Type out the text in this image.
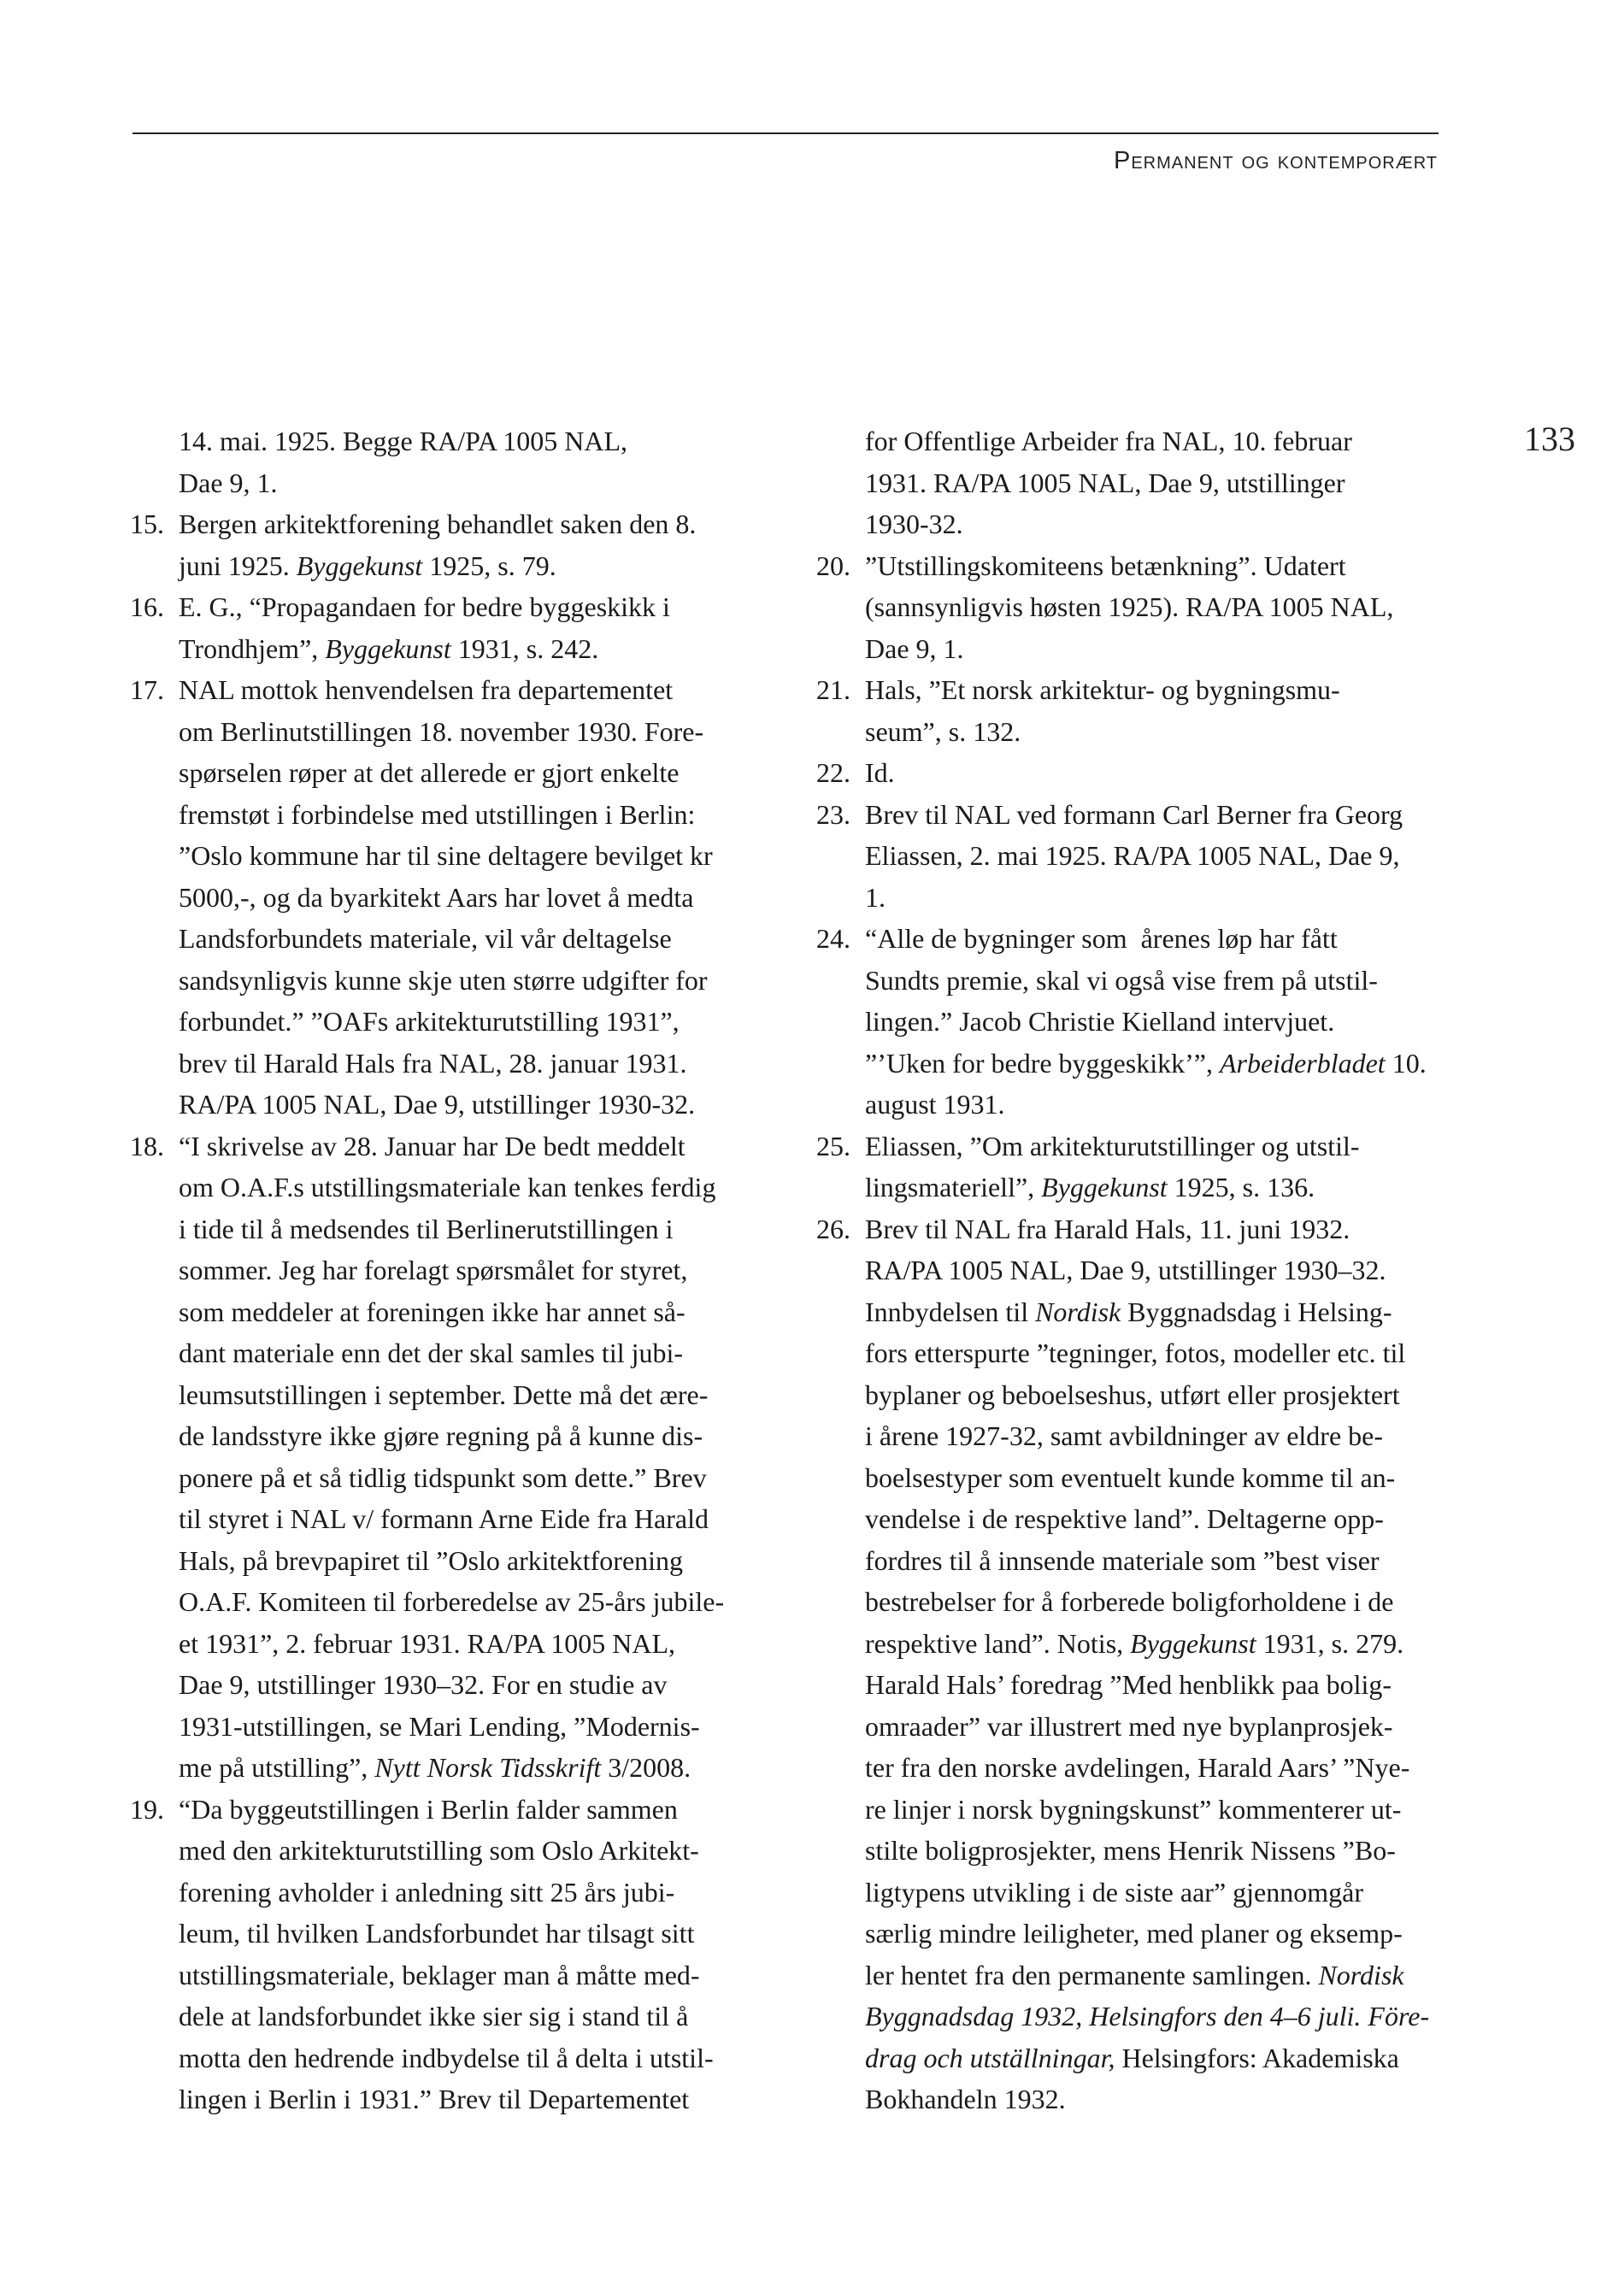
Permanent og kontemporært
133
14. mai. 1925. Begge RA/PA 1005 NAL,
Dae 9, 1.
15. Bergen arkitektforening behandlet saken den 8.
juni 1925. Byggekunst 1925, s. 79.
16. E. G., “Propagandaen for bedre byggeskikk i
Trondhjem”, Byggekunst 1931, s. 242.
17. NAL mottok henvendelsen fra departementet
om Berlinutstillingen 18. november 1930. Fore-
spørselen røper at det allerede er gjort enkelte
fremstøt i forbindelse med utstillingen i Berlin:
”Oslo kommune har til sine deltagere bevilget kr
5000,-, og da byarkitekt Aars har lovet å medta
Landsforbundets materiale, vil vår deltagelse
sandsynligvis kunne skje uten større udgifter for
forbundet.” ”OAFs arkitekturutstilling 1931”,
brev til Harald Hals fra NAL, 28. januar 1931.
RA/PA 1005 NAL, Dae 9, utstillinger 1930-32.
18. “I skrivelse av 28. Januar har De bedt meddelt
om O.A.F.s utstillingsmateriale kan tenkes ferdig
i tide til å medsendes til Berlinerutstillingen i
sommer. Jeg har forelagt spørsmålet for styret,
som meddeler at foreningen ikke har annet så-
dant materiale enn det der skal samles til jubi-
leumsutstillingen i september. Dette må det ære-
de landsstyre ikke gjøre regning på å kunne dis-
ponere på et så tidlig tidspunkt som dette.” Brev
til styret i NAL v/ formann Arne Eide fra Harald
Hals, på brevpapiret til ”Oslo arkitektforening
O.A.F. Komiteen til forberedelse av 25-års jubile-
et 1931”, 2. februar 1931. RA/PA 1005 NAL,
Dae 9, utstillinger 1930–32. For en studie av
1931-utstillingen, se Mari Lending, ”Modernis-
me på utstilling”, Nytt Norsk Tidsskrift 3/2008.
19. “Da byggeutstillingen i Berlin falder sammen
med den arkitekturutstilling som Oslo Arkitekt-
forening avholder i anledning sitt 25 års jubi-
leum, til hvilken Landsforbundet har tilsagt sitt
utstillingsmateriale, beklager man å måtte med-
dele at landsforbundet ikke sier sig i stand til å
motta den hedrende indbydelse til å delta i utstil-
lingen i Berlin i 1931.” Brev til Departementet
for Offentlige Arbeider fra NAL, 10. februar
1931. RA/PA 1005 NAL, Dae 9, utstillinger
1930-32.
20. ”Utstillingskomiteens betænkning”. Udatert
(sannsynligvis høsten 1925). RA/PA 1005 NAL,
Dae 9, 1.
21. Hals, ”Et norsk arkitektur- og bygningsmu-
seum”, s. 132.
22. Id.
23. Brev til NAL ved formann Carl Berner fra Georg
Eliassen, 2. mai 1925. RA/PA 1005 NAL, Dae 9,
1.
24. “Alle de bygninger som  årenes løp har fått
Sundts premie, skal vi også vise frem på utstil-
lingen.” Jacob Christie Kielland intervjuet.
”’Uken for bedre byggeskikk’”, Arbeiderbladet 10.
august 1931.
25. Eliassen, ”Om arkitekturutstillinger og utstil-
lingsmateriell”, Byggekunst 1925, s. 136.
26. Brev til NAL fra Harald Hals, 11. juni 1932.
RA/PA 1005 NAL, Dae 9, utstillinger 1930–32.
Innbydelsen til Nordisk Byggnadsdag i Helsing-
fors etterspurte ”tegninger, fotos, modeller etc. til
byplaner og beboelseshus, utført eller prosjektert
i årene 1927-32, samt avbildninger av eldre be-
boelsestyper som eventuelt kunde komme til an-
vendelse i de respektive land”. Deltagerne opp-
fordres til å innsende materiale som ”best viser
bestrebelser for å forberede boligforholdene i de
respektive land”. Notis, Byggekunst 1931, s. 279.
Harald Hals’ foredrag ”Med henblikk paa bolig-
omraader” var illustrert med nye byplanprosjek-
ter fra den norske avdelingen, Harald Aars’ ”Nye-
re linjer i norsk bygningskunst” kommenterer ut-
stilte boligprosjekter, mens Henrik Nissens ”Bo-
ligtypens utvikling i de siste aar” gjennomgår
særlig mindre leiligheter, med planer og eksemp-
ler hentet fra den permanente samlingen. Nordisk
Byggnadsdag 1932, Helsingfors den 4–6 juli. Före-
drag och utställningar, Helsingfors: Akademiska
Bokhandeln 1932.
